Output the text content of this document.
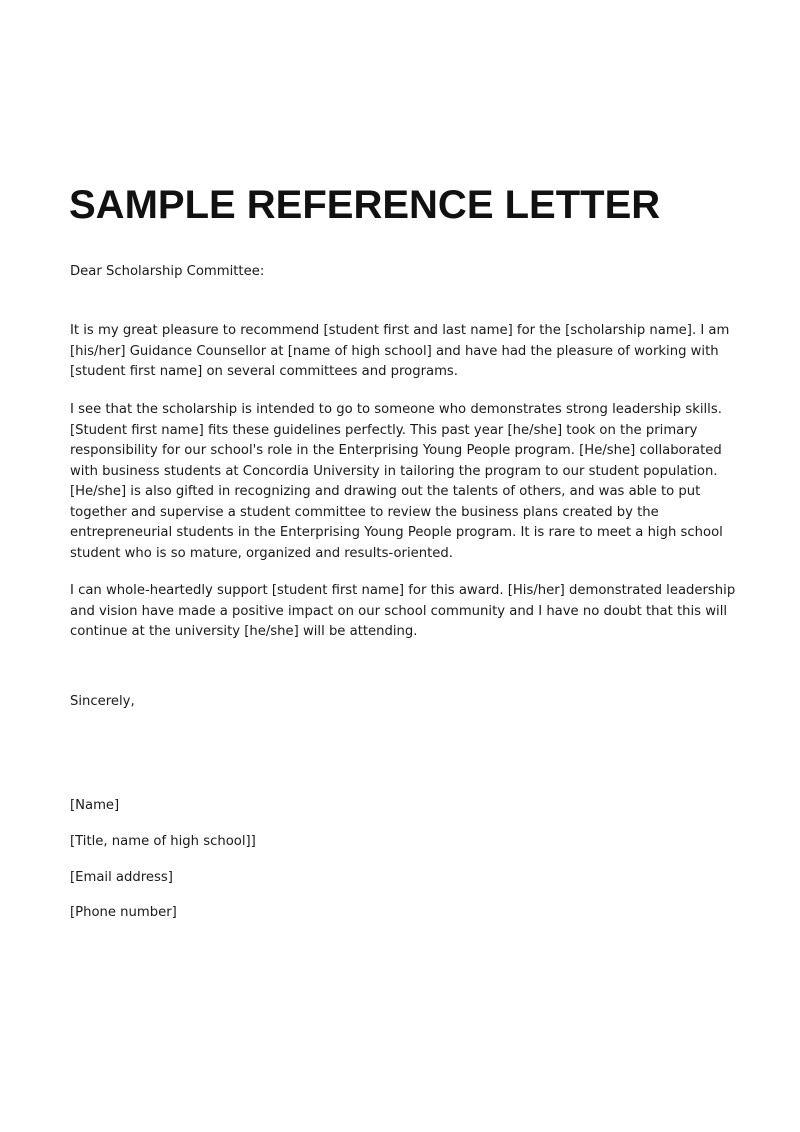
SAMPLE REFERENCE LETTER

Dear Scholarship Committee:

It is my great pleasure to recommend [student first and last name] for the [scholarship name]. I am [his/her] Guidance Counsellor at [name of high school] and have had the pleasure of working with [student first name] on several committees and programs.

I see that the scholarship is intended to go to someone who demonstrates strong leadership skills. [Student first name] fits these guidelines perfectly. This past year [he/she] took on the primary responsibility for our school's role in the Enterprising Young People program. [He/she] collaborated with business students at Concordia University in tailoring the program to our student population. [He/she] is also gifted in recognizing and drawing out the talents of others, and was able to put together and supervise a student committee to review the business plans created by the entrepreneurial students in the Enterprising Young People program. It is rare to meet a high school student who is so mature, organized and results-oriented.

I can whole-heartedly support [student first name] for this award. [His/her] demonstrated leadership and vision have made a positive impact on our school community and I have no doubt that this will continue at the university [he/she] will be attending.

Sincerely,

[Name]

[Title, name of high school]]

[Email address]

[Phone number]
